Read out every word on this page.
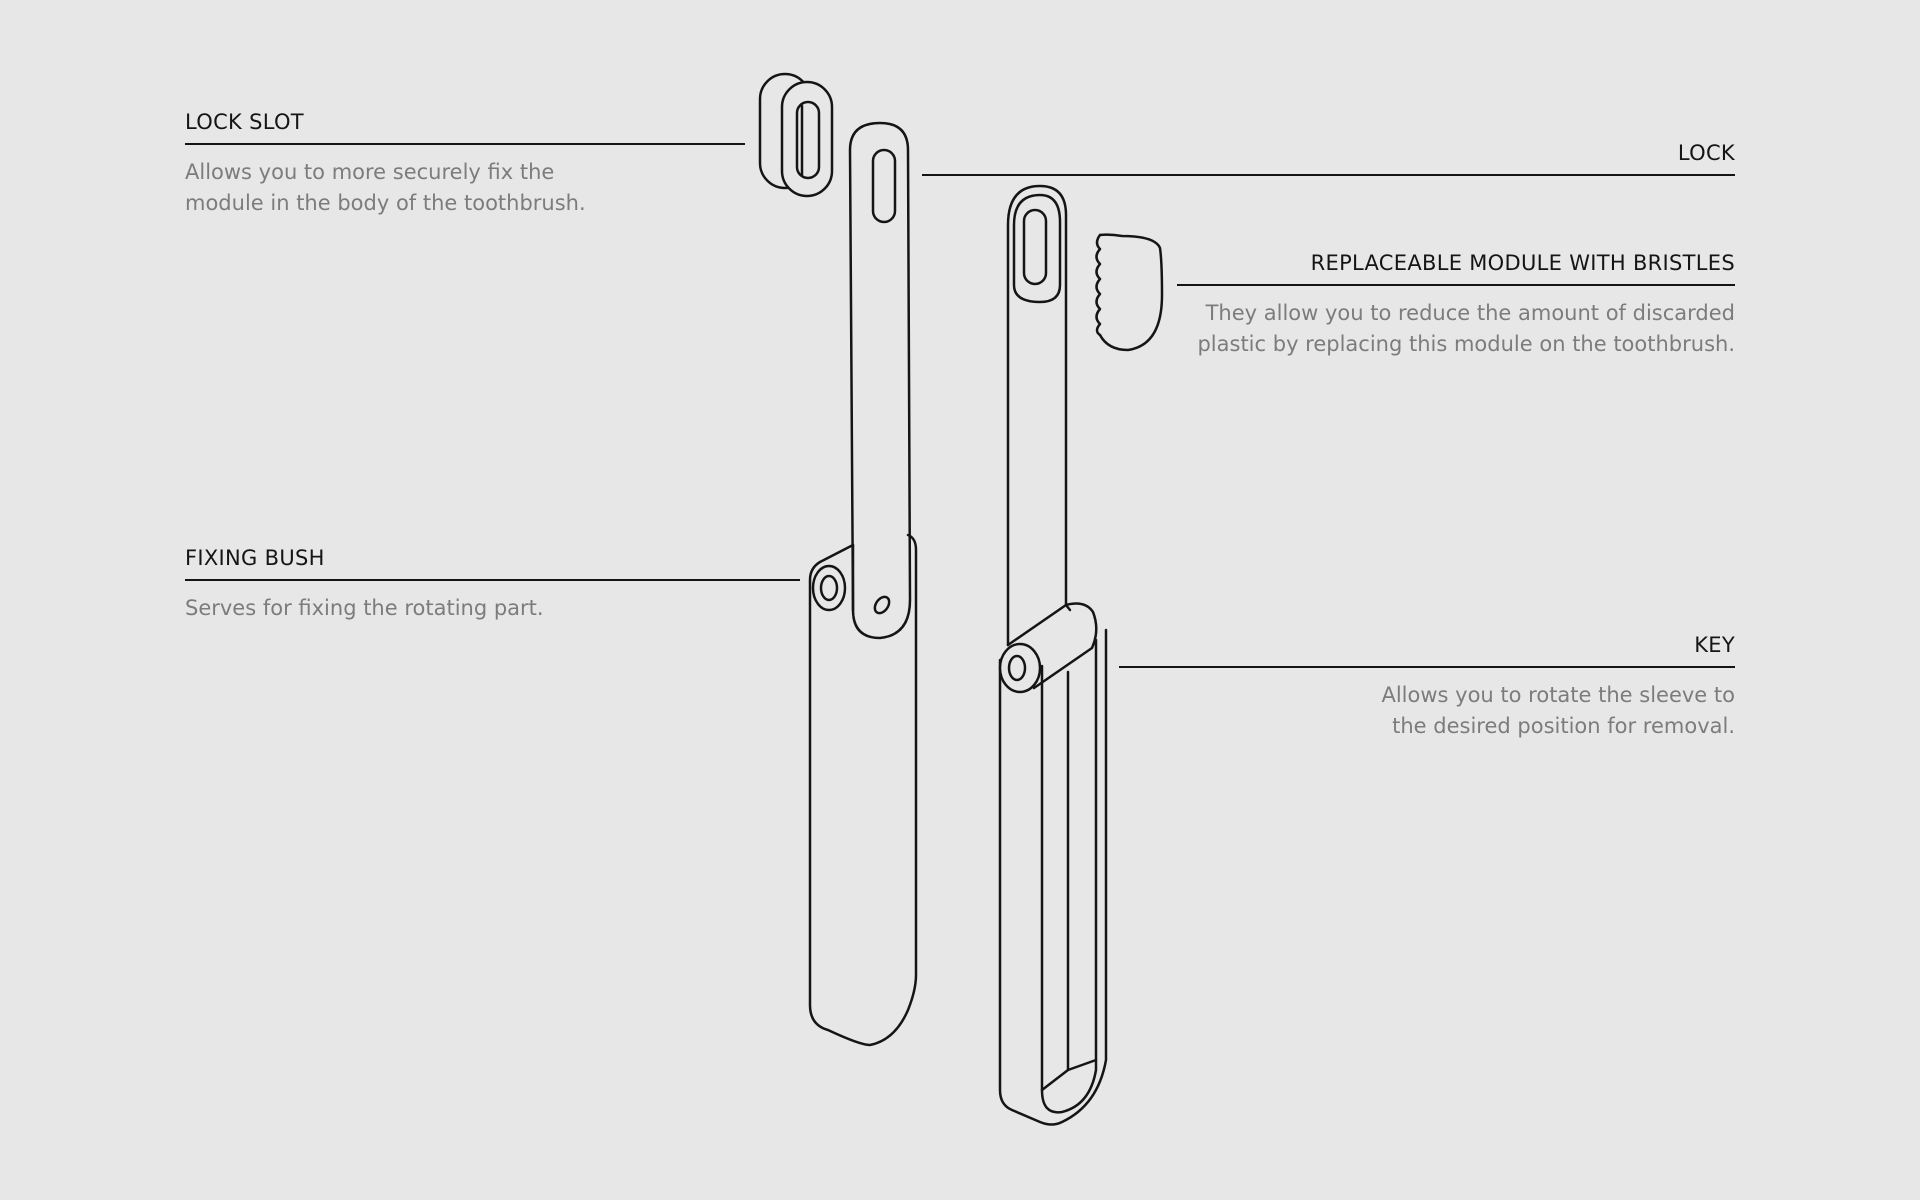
LOCK SLOT
Allows you to more securely fix the
module in the body of the toothbrush.
FIXING BUSH
Serves for fixing the rotating part.
LOCK
REPLACEABLE MODULE WITH BRISTLES
They allow you to reduce the amount of discarded
plastic by replacing this module on the toothbrush.
KEY
Allows you to rotate the sleeve to
the desired position for removal.
